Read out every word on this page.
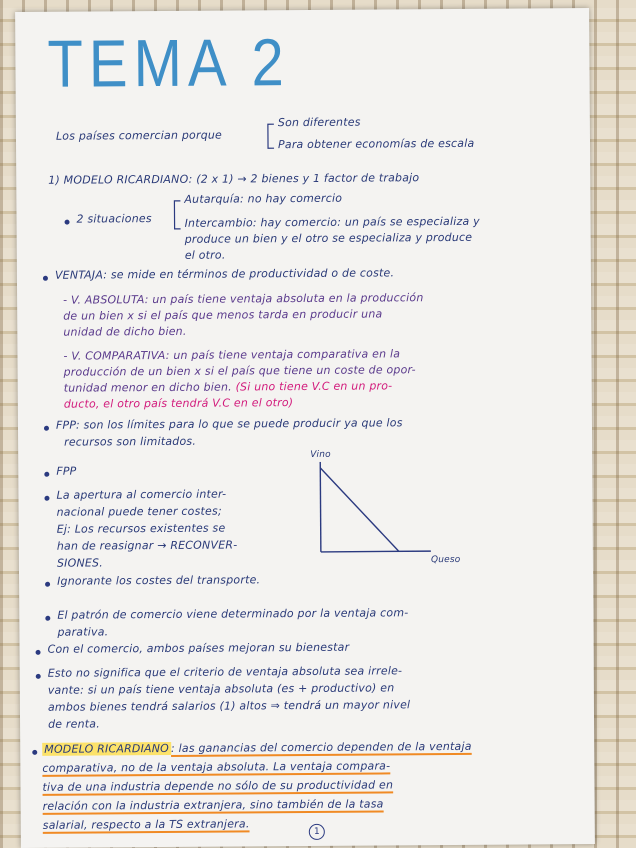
TEMA 2
Los países comercian porque
Son diferentes
Para obtener economías de escala
1) MODELO RICARDIANO: (2 x 1) → 2 bienes y 1 factor de trabajo
2 situaciones
Autarquía: no hay comercio
Intercambio: hay comercio: un país se especializa y
produce un bien y el otro se especializa y produce
el otro.
VENTAJA: se mide en términos de productividad o de coste.
- V. ABSOLUTA: un país tiene ventaja absoluta en la producción
de un bien x si el país que menos tarda en producir una
unidad de dicho bien.
- V. COMPARATIVA: un país tiene ventaja comparativa en la
producción de un bien x si el país que tiene un coste de opor-
tunidad menor en dicho bien. (Si uno tiene V.C en un pro-
ducto, el otro país tendrá V.C en el otro)
FPP: son los límites para lo que se puede producir ya que los
recursos son limitados.
FPP
La apertura al comercio inter-
nacional puede tener costes;
Ej: Los recursos existentes se
han de reasignar → RECONVER-
SIONES.
Vino
Queso
Ignorante los costes del transporte.
El patrón de comercio viene determinado por la ventaja com-
parativa.
Con el comercio, ambos países mejoran su bienestar
Esto no significa que el criterio de ventaja absoluta sea irrele-
vante: si un país tiene ventaja absoluta (es + productivo) en
ambos bienes tendrá salarios (1) altos ⇒ tendrá un mayor nivel
de renta.
MODELO RICARDIANO : las ganancias del comercio dependen de la ventaja
comparativa, no de la ventaja absoluta. La ventaja compara-
tiva de una industria depende no sólo de su productividad en
relación con la industria extranjera, sino también de la tasa
salarial, respecto a la TS extranjera.
1
